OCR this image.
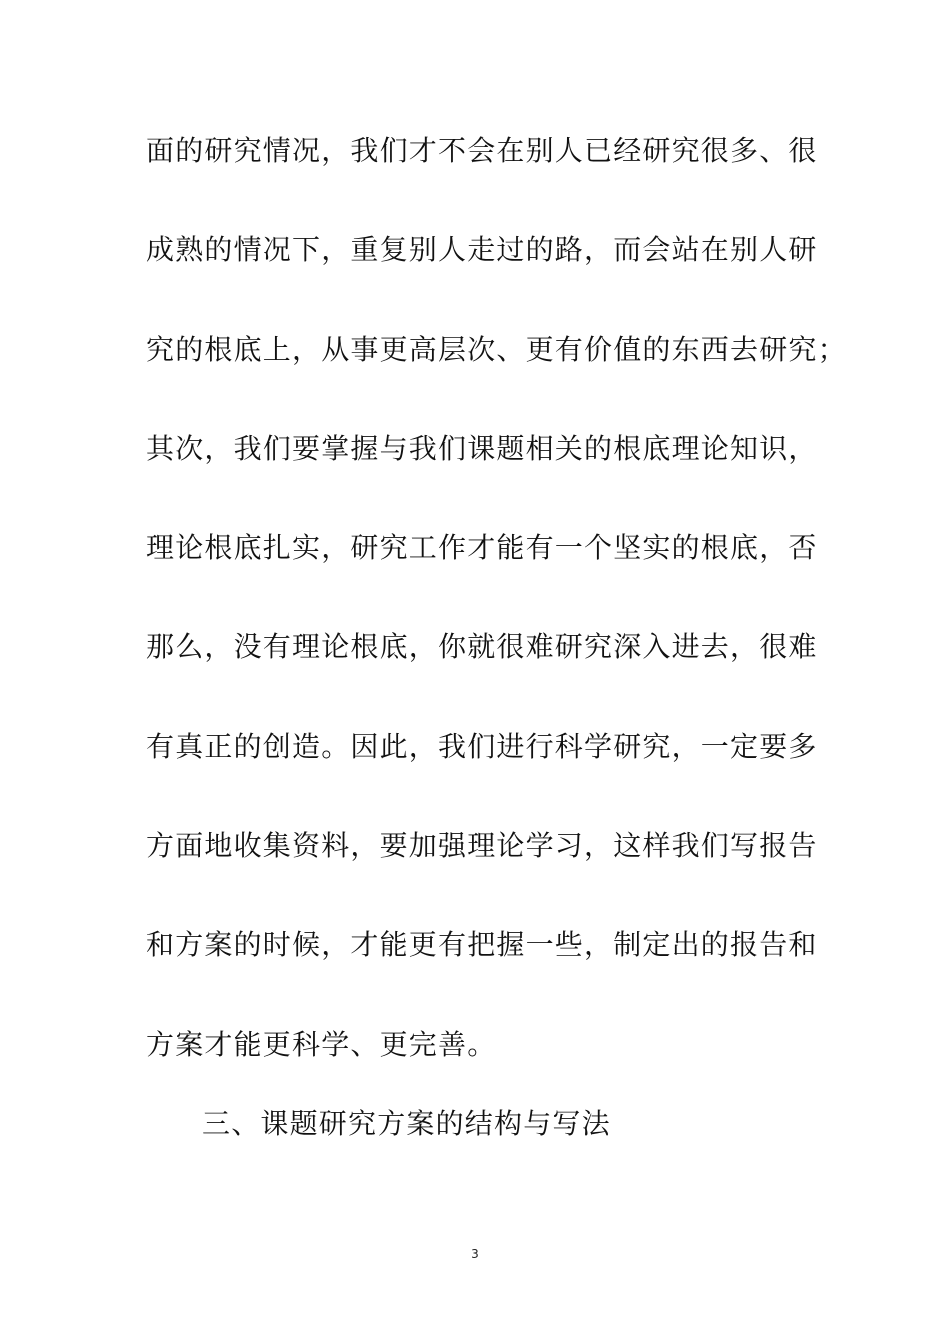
面的研究情况，我们才不会在别人已经研究很多、很
成熟的情况下，重复别人走过的路，而会站在别人研
究的根底上，从事更高层次、更有价值的东西去研究；
其次，我们要掌握与我们课题相关的根底理论知识，
理论根底扎实，研究工作才能有一个坚实的根底，否
那么，没有理论根底，你就很难研究深入进去，很难
有真正的创造。因此，我们进行科学研究，一定要多
方面地收集资料，要加强理论学习，这样我们写报告
和方案的时候，才能更有把握一些，制定出的报告和
方案才能更科学、更完善。
三、课题研究方案的结构与写法
3
